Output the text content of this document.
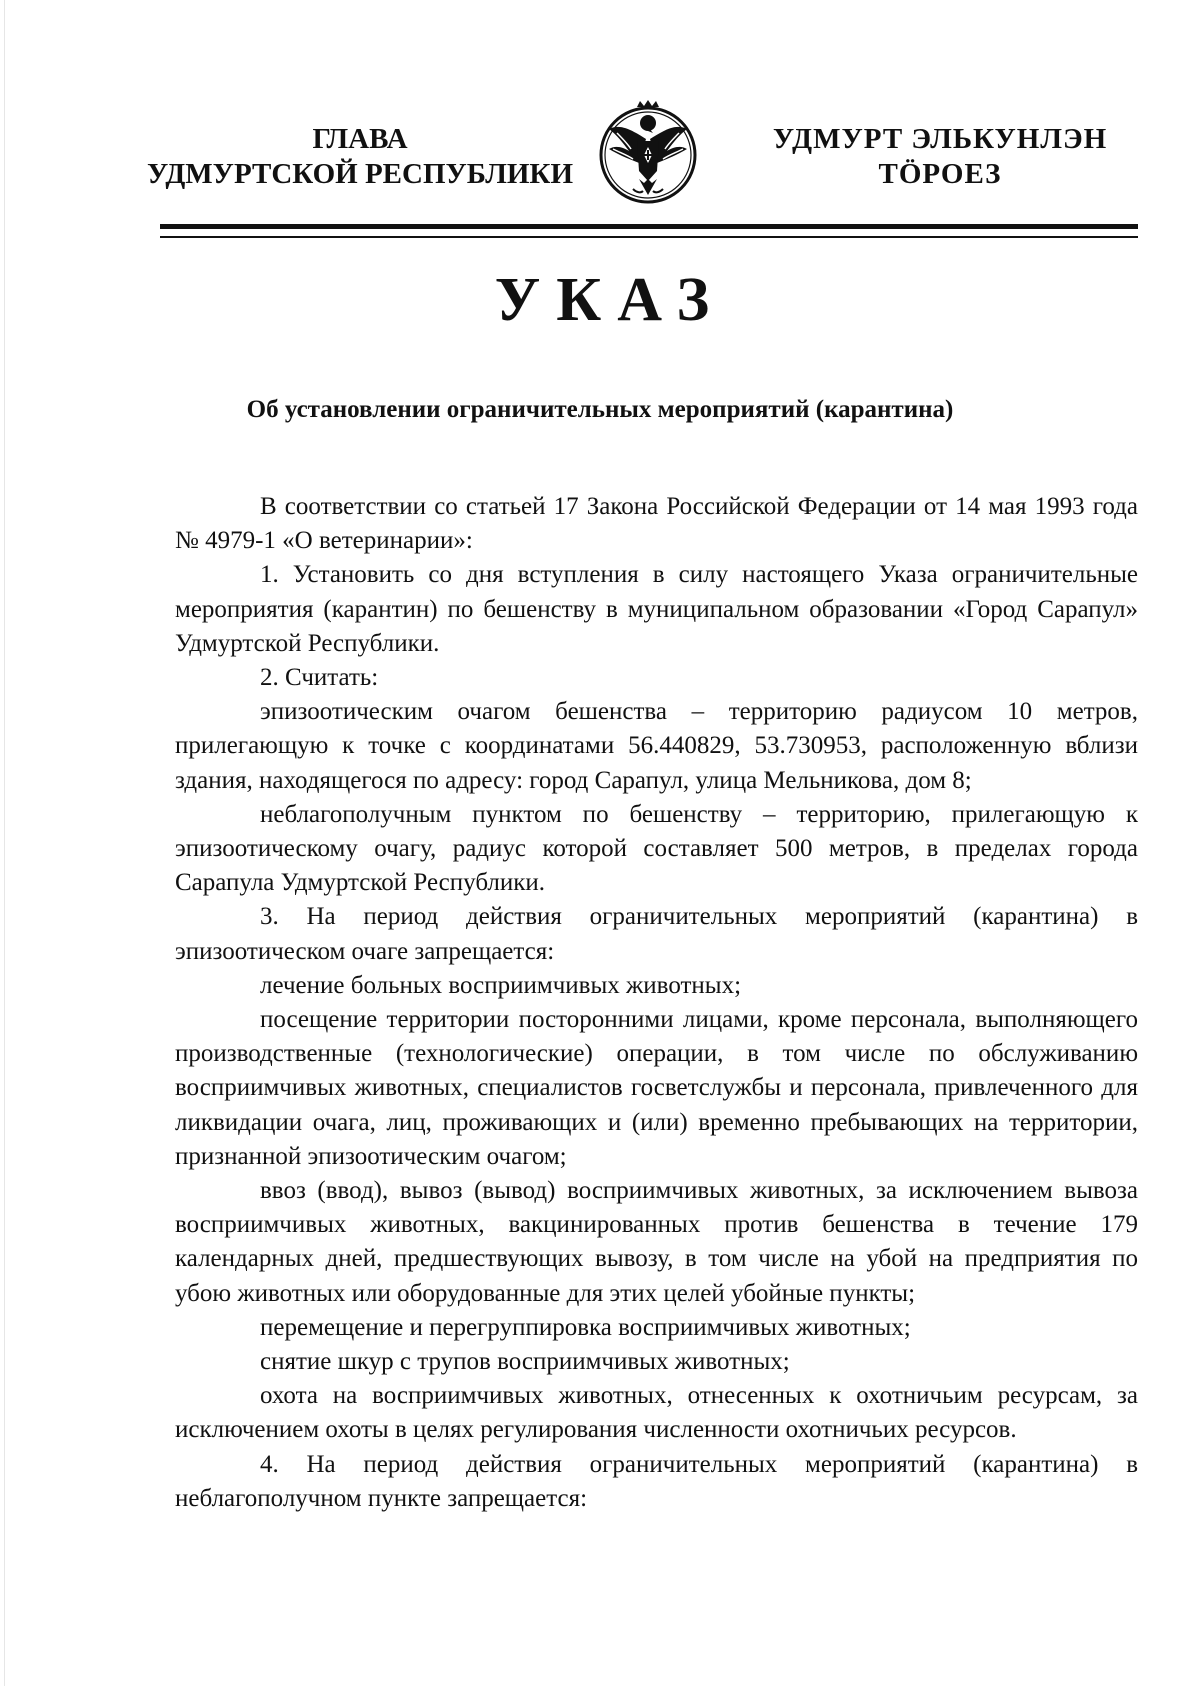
ГЛАВА
УДМУРТСКОЙ РЕСПУБЛИКИ
УДМУРТ ЭЛЬКУНЛЭН
ТӦРОЕЗ
УКАЗ
Об установлении ограничительных мероприятий (карантина)

В соответствии со статьей 17 Закона Российской Федерации от 14 мая 1993 года № 4979-1 «О ветеринарии»:

1. Установить со дня вступления в силу настоящего Указа ограничительные мероприятия (карантин) по бешенству в муниципальном образовании «Город Сарапул» Удмуртской Республики.

2. Считать:

эпизоотическим очагом бешенства – территорию радиусом 10 метров, прилегающую к точке с координатами 56.440829, 53.730953, расположенную вблизи здания, находящегося по адресу: город Сарапул, улица Мельникова, дом 8;

неблагополучным пунктом по бешенству – территорию, прилегающую к эпизоотическому очагу, радиус которой составляет 500 метров, в пределах города Сарапула Удмуртской Республики.

3. На период действия ограничительных мероприятий (карантина) в эпизоотическом очаге запрещается:

лечение больных восприимчивых животных;

посещение территории посторонними лицами, кроме персонала, выполняющего производственные (технологические) операции, в том числе по обслуживанию восприимчивых животных, специалистов госветслужбы и персонала, привлеченного для ликвидации очага, лиц, проживающих и (или) временно пребывающих на территории, признанной эпизоотическим очагом;

ввоз (ввод), вывоз (вывод) восприимчивых животных, за исключением вывоза восприимчивых животных, вакцинированных против бешенства в течение 179 календарных дней, предшествующих вывозу, в том числе на убой на предприятия по убою животных или оборудованные для этих целей убойные пункты;

перемещение и перегруппировка восприимчивых животных;

снятие шкур с трупов восприимчивых животных;

охота на восприимчивых животных, отнесенных к охотничьим ресурсам, за исключением охоты в целях регулирования численности охотничьих ресурсов.

4. На период действия ограничительных мероприятий (карантина) в неблагополучном пункте запрещается:
